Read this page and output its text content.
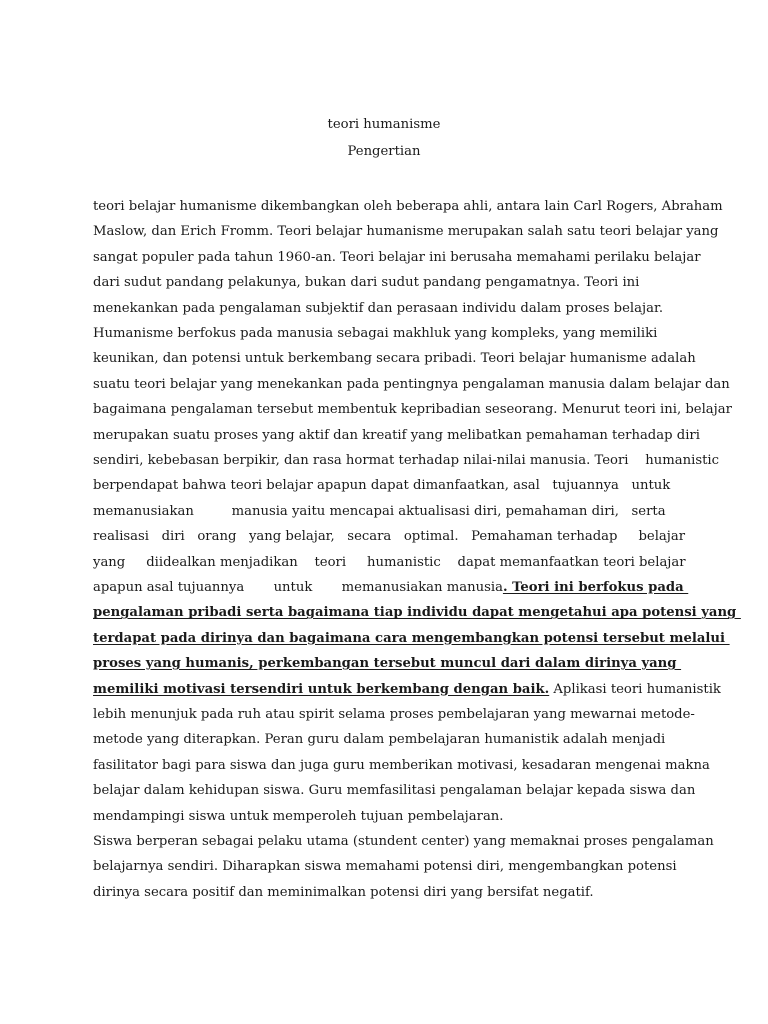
teori humanisme
Pengertian
teori belajar humanisme dikembangkan oleh beberapa ahli, antara lain Carl Rogers, Abraham
Maslow, dan Erich Fromm. Teori belajar humanisme merupakan salah satu teori belajar yang
sangat populer pada tahun 1960-an. Teori belajar ini berusaha memahami perilaku belajar
dari sudut pandang pelakunya, bukan dari sudut pandang pengamatnya. Teori ini
menekankan pada pengalaman subjektif dan perasaan individu dalam proses belajar.
Humanisme berfokus pada manusia sebagai makhluk yang kompleks, yang memiliki
keunikan, dan potensi untuk berkembang secara pribadi. Teori belajar humanisme adalah
suatu teori belajar yang menekankan pada pentingnya pengalaman manusia dalam belajar dan
bagaimana pengalaman tersebut membentuk kepribadian seseorang. Menurut teori ini, belajar
merupakan suatu proses yang aktif dan kreatif yang melibatkan pemahaman terhadap diri
sendiri, kebebasan berpikir, dan rasa hormat terhadap nilai-nilai manusia. Teori    humanistic
berpendapat bahwa teori belajar apapun dapat dimanfaatkan, asal   tujuannya   untuk
memanusiakan         manusia yaitu mencapai aktualisasi diri, pemahaman diri,   serta
realisasi   diri   orang   yang belajar,   secara   optimal.   Pemahaman terhadap     belajar
yang     diidealkan menjadikan    teori     humanistic    dapat memanfaatkan teori belajar
apapun asal tujuannya       untuk       memanusiakan manusia. Teori ini berfokus pada
pengalaman pribadi serta bagaimana tiap individu dapat mengetahui apa potensi yang
terdapat pada dirinya dan bagaimana cara mengembangkan potensi tersebut melalui
proses yang humanis, perkembangan tersebut muncul dari dalam dirinya yang
memiliki motivasi tersendiri untuk berkembang dengan baik. Aplikasi teori humanistik
lebih menunjuk pada ruh atau spirit selama proses pembelajaran yang mewarnai metode-
metode yang diterapkan. Peran guru dalam pembelajaran humanistik adalah menjadi
fasilitator bagi para siswa dan juga guru memberikan motivasi, kesadaran mengenai makna
belajar dalam kehidupan siswa. Guru memfasilitasi pengalaman belajar kepada siswa dan
mendampingi siswa untuk memperoleh tujuan pembelajaran.
Siswa berperan sebagai pelaku utama (stundent center) yang memaknai proses pengalaman
belajarnya sendiri. Diharapkan siswa memahami potensi diri, mengembangkan potensi
dirinya secara positif dan meminimalkan potensi diri yang bersifat negatif.
